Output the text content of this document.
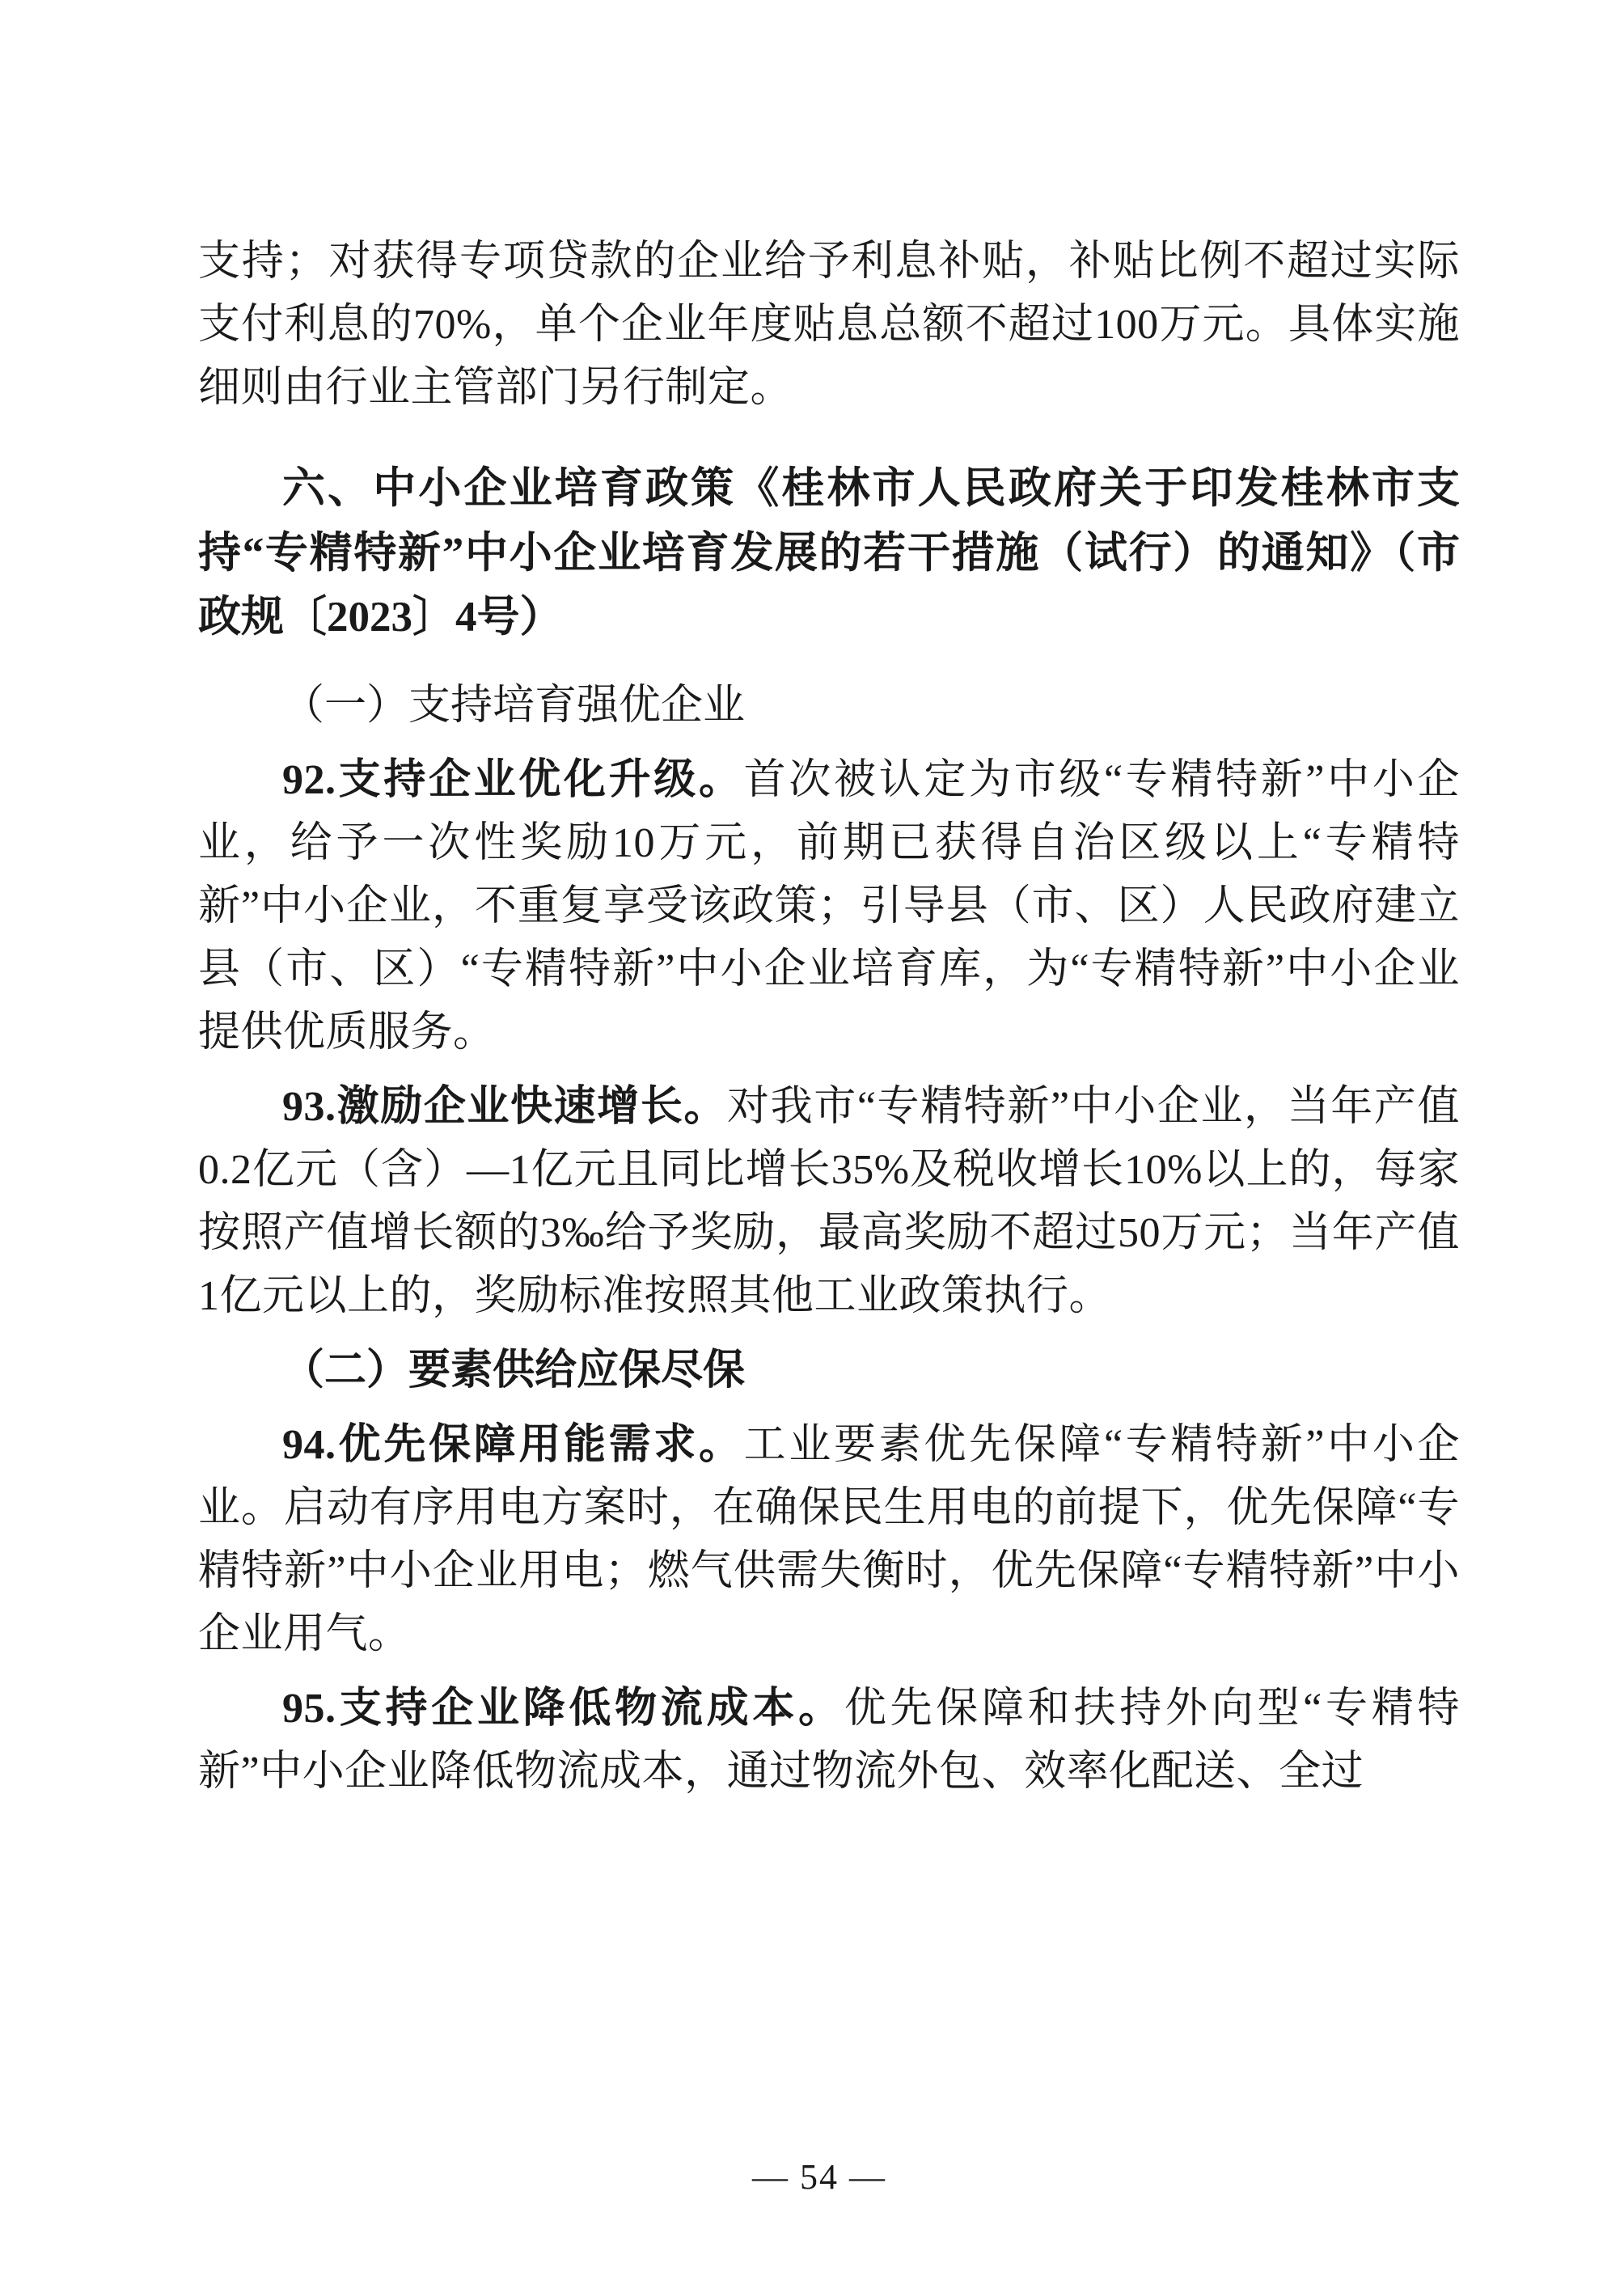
支持；对获得专项贷款的企业给予利息补贴，补贴比例不超过实际支付利息的70%，单个企业年度贴息总额不超过100万元。具体实施细则由行业主管部门另行制定。

六、中小企业培育政策《桂林市人民政府关于印发桂林市支持“专精特新”中小企业培育发展的若干措施（试行）的通知》（市政规〔2023〕4号）
（一）支持培育强优企业

92.支持企业优化升级。首次被认定为市级“专精特新”中小企业，给予一次性奖励10万元，前期已获得自治区级以上“专精特新”中小企业，不重复享受该政策；引导县（市、区）人民政府建立县（市、区）“专精特新”中小企业培育库，为“专精特新”中小企业提供优质服务。

93.激励企业快速增长。对我市“专精特新”中小企业，当年产值0.2亿元（含）—1亿元且同比增长35%及税收增长10%以上的，每家按照产值增长额的3‰给予奖励，最高奖励不超过50万元；当年产值1亿元以上的，奖励标准按照其他工业政策执行。

（二）要素供给应保尽保

94.优先保障用能需求。工业要素优先保障“专精特新”中小企业。启动有序用电方案时，在确保民生用电的前提下，优先保障“专精特新”中小企业用电；燃气供需失衡时，优先保障“专精特新”中小企业用气。

95.支持企业降低物流成本。优先保障和扶持外向型“专精特新”中小企业降低物流成本，通过物流外包、效率化配送、全过

— 54 —
